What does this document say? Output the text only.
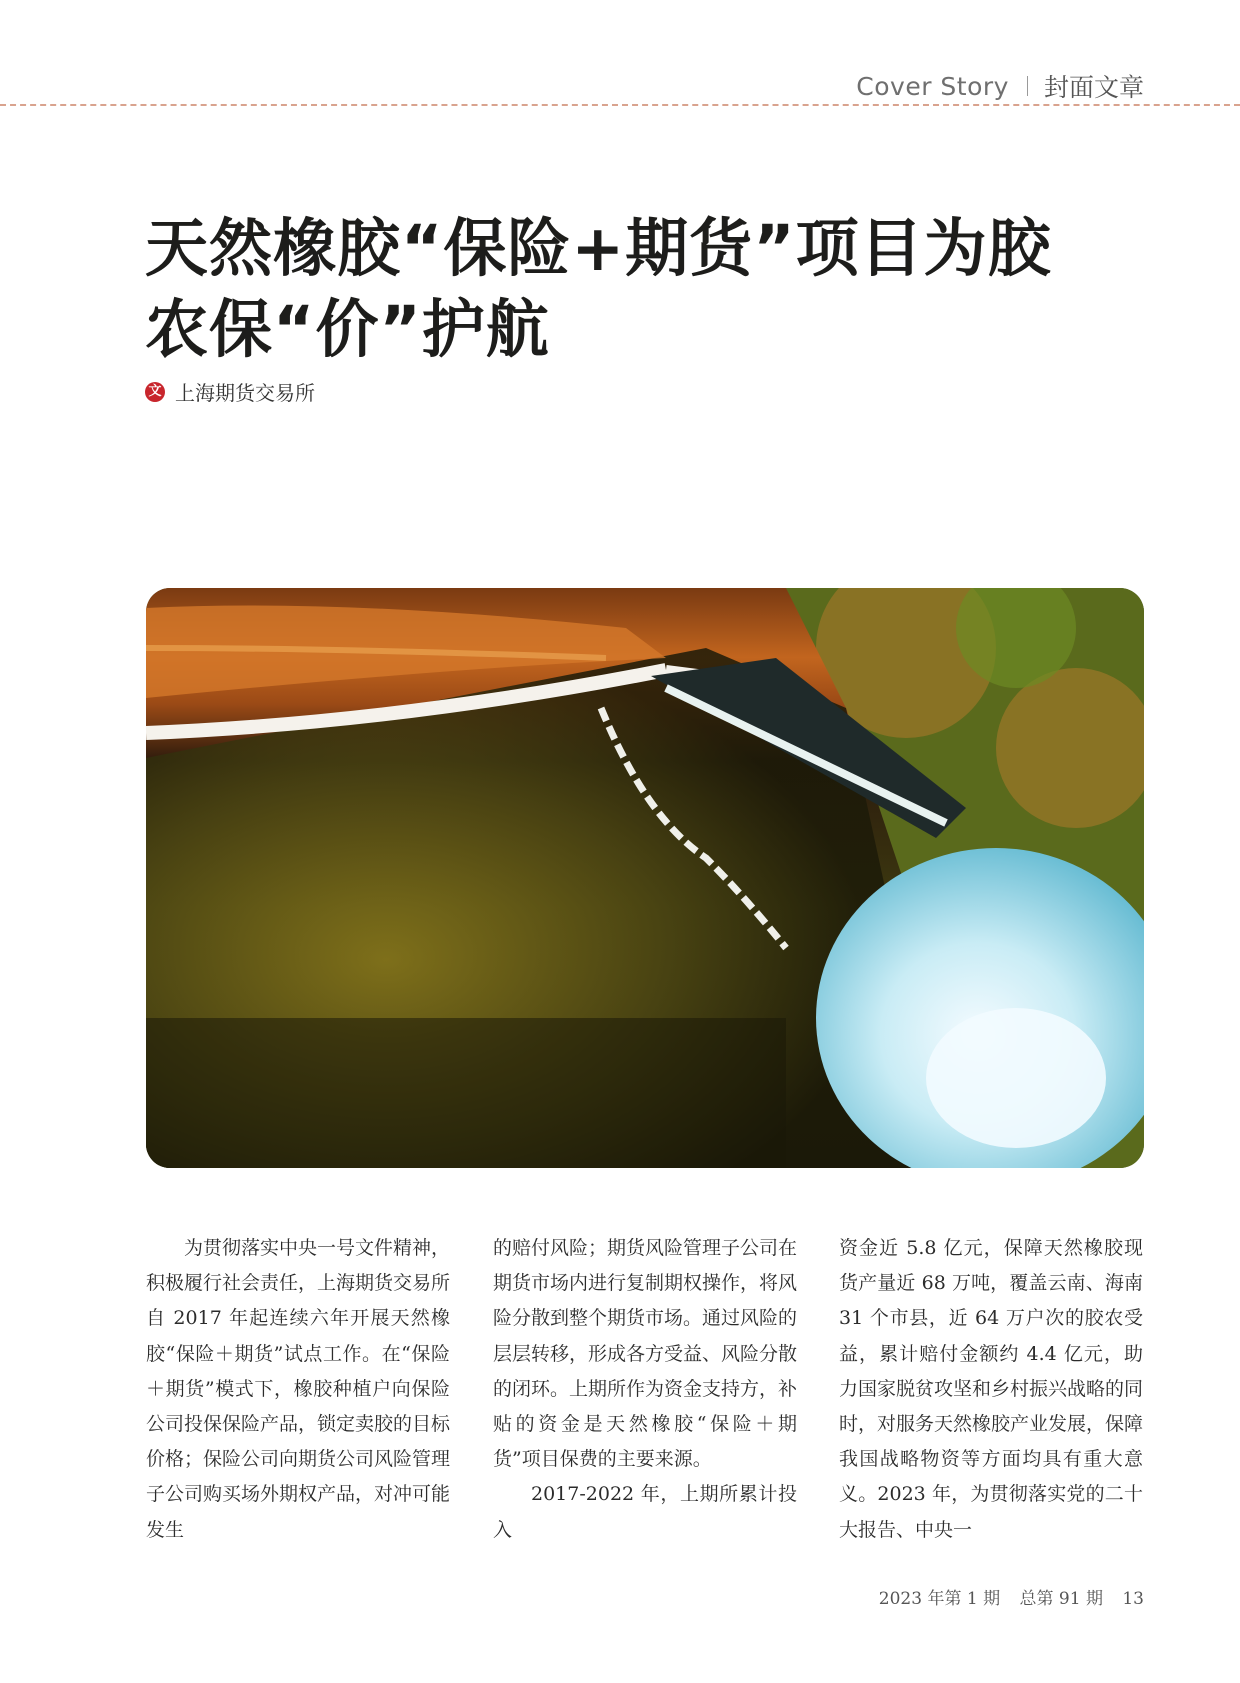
Cover Story 封面文章
天然橡胶“保险+期货”项目为胶农保“价”护航
文 上海期货交易所

为贯彻落实中央一号文件精神，积极履行社会责任，上海期货交易所自 2017 年起连续六年开展天然橡胶“保险＋期货”试点工作。在“保险＋期货”模式下，橡胶种植户向保险公司投保保险产品，锁定卖胶的目标价格；保险公司向期货公司风险管理子公司购买场外期权产品，对冲可能发生

的赔付风险；期货风险管理子公司在期货市场内进行复制期权操作，将风险分散到整个期货市场。通过风险的层层转移，形成各方受益、风险分散的闭环。上期所作为资金支持方，补贴的资金是天然橡胶“保险＋期货”项目保费的主要来源。

2017-2022 年，上期所累计投入

资金近 5.8 亿元，保障天然橡胶现货产量近 68 万吨，覆盖云南、海南 31 个市县，近 64 万户次的胶农受益，累计赔付金额约 4.4 亿元，助力国家脱贫攻坚和乡村振兴战略的同时，对服务天然橡胶产业发展，保障我国战略物资等方面均具有重大意义。2023 年，为贯彻落实党的二十大报告、中央一

2023 年第 1 期 总第 91 期 13
